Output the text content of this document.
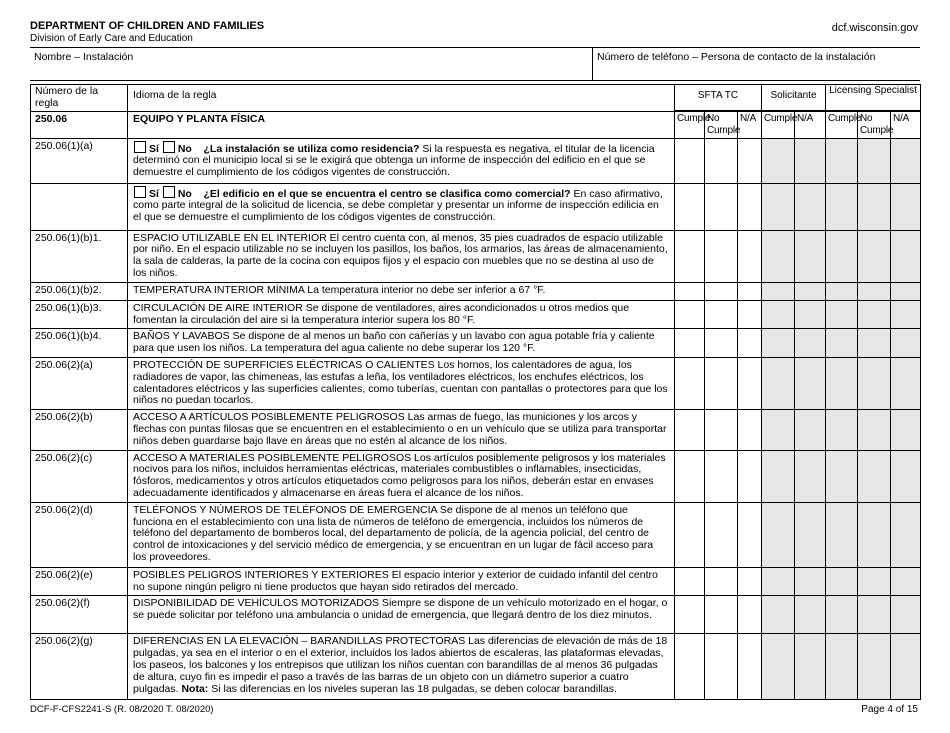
DEPARTMENT OF CHILDREN AND FAMILIES
Division of Early Care and Education
dcf.wisconsin.gov
Nombre – Instalación	Número de teléfono – Persona de contacto de la instalación
Número de la regla	Idioma de la regla	SFTA TC			Solicitante		Licensing Specialist		

250.06	EQUIPO Y PLANTA FÍSICA	Cumple	No Cumple	N/A	Cumple	N/A	Cumple	No Cumple	N/A
250.06(1)(a)	Sí No ¿La instalación se utiliza como residencia? Si la respuesta es negativa, el titular de la licencia determinó con el municipio local si se le exigirá que obtenga un informe de inspección del edificio en el que se demuestre el cumplimiento de los códigos vigentes de construcción.								
	Sí No ¿El edificio en el que se encuentra el centro se clasifica como comercial? En caso afirmativo, como parte integral de la solicitud de licencia, se debe completar y presentar un informe de inspección edilicia en el que se demuestre el cumplimiento de los códigos vigentes de construcción.								
250.06(1)(b)1.	ESPACIO UTILIZABLE EN EL INTERIOR El centro cuenta con, al menos, 35 pies cuadrados de espacio utilizable por niño. En el espacio utilizable no se incluyen los pasillos, los baños, los armarios, las áreas de almacenamiento, la sala de calderas, la parte de la cocina con equipos fijos y el espacio con muebles que no se destina al uso de los niños.								
250.06(1)(b)2.	TEMPERATURA INTERIOR MÍNIMA La temperatura interior no debe ser inferior a 67 °F.								
250.06(1)(b)3.	CIRCULACIÓN DE AIRE INTERIOR Se dispone de ventiladores, aires acondicionados u otros medios que fomentan la circulación del aire si la temperatura interior supera los 80 °F.								
250.06(1)(b)4.	BAÑOS Y LAVABOS Se dispone de al menos un baño con cañerías y un lavabo con agua potable fría y caliente para que usen los niños. La temperatura del agua caliente no debe superar los 120 °F.								
250.06(2)(a)	PROTECCIÓN DE SUPERFICIES ELÉCTRICAS O CALIENTES Los hornos, los calentadores de agua, los radiadores de vapor, las chimeneas, las estufas a leña, los ventiladores eléctricos, los enchufes eléctricos, los calentadores eléctricos y las superficies calientes, como tuberías, cuentan con pantallas o protectores para que los niños no puedan tocarlos.								
250.06(2)(b)	ACCESO A ARTÍCULOS POSIBLEMENTE PELIGROSOS Las armas de fuego, las municiones y los arcos y flechas con puntas filosas que se encuentren en el establecimiento o en un vehículo que se utiliza para transportar niños deben guardarse bajo llave en áreas que no estén al alcance de los niños.								
250.06(2)(c)	ACCESO A MATERIALES POSIBLEMENTE PELIGROSOS Los artículos posiblemente peligrosos y los materiales nocivos para los niños, incluidos herramientas eléctricas, materiales combustibles o inflamables, insecticidas, fósforos, medicamentos y otros artículos etiquetados como peligrosos para los niños, deberán estar en envases adecuadamente identificados y almacenarse en áreas fuera el alcance de los niños.								
250.06(2)(d)	TELÉFONOS Y NÚMEROS DE TELÉFONOS DE EMERGENCIA Se dispone de al menos un teléfono que funciona en el establecimiento con una lista de números de teléfono de emergencia, incluidos los números de teléfono del departamento de bomberos local, del departamento de policía, de la agencia policial, del centro de control de intoxicaciones y del servicio médico de emergencia, y se encuentran en un lugar de fácil acceso para los proveedores.								
250.06(2)(e)	POSIBLES PELIGROS INTERIORES Y EXTERIORES El espacio interior y exterior de cuidado infantil del centro no supone ningún peligro ni tiene productos que hayan sido retirados del mercado.								
250.06(2)(f)	DISPONIBILIDAD DE VEHÍCULOS MOTORIZADOS Siempre se dispone de un vehículo motorizado en el hogar, o se puede solicitar por teléfono una ambulancia o unidad de emergencia, que llegará dentro de los diez minutos.								
250.06(2)(g)	DIFERENCIAS EN LA ELEVACIÓN – BARANDILLAS PROTECTORAS Las diferencias de elevación de más de 18 pulgadas, ya sea en el interior o en el exterior, incluidos los lados abiertos de escaleras, las plataformas elevadas, los paseos, los balcones y los entrepisos que utilizan los niños cuentan con barandillas de al menos 36 pulgadas de altura, cuyo fin es impedir el paso a través de las barras de un objeto con un diámetro superior a cuatro pulgadas. Nota: Si las diferencias en los niveles superan las 18 pulgadas, se deben colocar barandillas.								
DCF-F-CFS2241-S (R. 08/2020 T. 08/2020)	Page 4 of 15
